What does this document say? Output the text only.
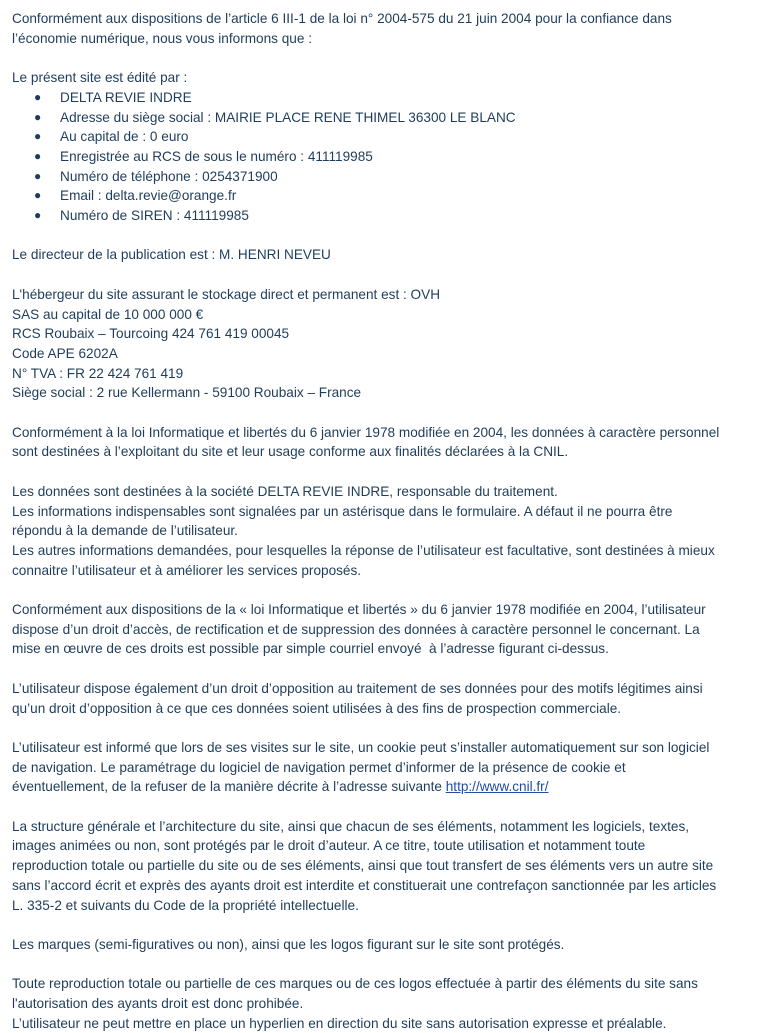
Conformément aux dispositions de l’article 6 III-1 de la loi n° 2004-575 du 21 juin 2004 pour la confiance dans
l’économie numérique, nous vous informons que :

Le présent site est édité par :

● DELTA REVIE INDRE
● Adresse du siège social : MAIRIE PLACE RENE THIMEL 36300 LE BLANC
● Au capital de : 0 euro
● Enregistrée au RCS de sous le numéro : 411119985
● Numéro de téléphone : 0254371900
● Email : delta.revie@orange.fr
● Numéro de SIREN : 411119985

Le directeur de la publication est : M. HENRI NEVEU

L'hébergeur du site assurant le stockage direct et permanent est : OVH
SAS au capital de 10 000 000 €
RCS Roubaix – Tourcoing 424 761 419 00045
Code APE 6202A
N° TVA : FR 22 424 761 419
Siège social : 2 rue Kellermann - 59100 Roubaix – France

Conformément à la loi Informatique et libertés du 6 janvier 1978 modifiée en 2004, les données à caractère personnel
sont destinées à l’exploitant du site et leur usage conforme aux finalités déclarées à la CNIL.

Les données sont destinées à la société DELTA REVIE INDRE, responsable du traitement.
Les informations indispensables sont signalées par un astérisque dans le formulaire. A défaut il ne pourra être
répondu à la demande de l’utilisateur.
Les autres informations demandées, pour lesquelles la réponse de l’utilisateur est facultative, sont destinées à mieux
connaitre l’utilisateur et à améliorer les services proposés.

Conformément aux dispositions de la « loi Informatique et libertés » du 6 janvier 1978 modifiée en 2004, l’utilisateur
dispose d’un droit d’accès, de rectification et de suppression des données à caractère personnel le concernant. La
mise en œuvre de ces droits est possible par simple courriel envoyé  à l’adresse figurant ci-dessus.

L’utilisateur dispose également d’un droit d’opposition au traitement de ses données pour des motifs légitimes ainsi
qu’un droit d’opposition à ce que ces données soient utilisées à des fins de prospection commerciale.

L’utilisateur est informé que lors de ses visites sur le site, un cookie peut s’installer automatiquement sur son logiciel
de navigation. Le paramétrage du logiciel de navigation permet d’informer de la présence de cookie et
éventuellement, de la refuser de la manière décrite à l’adresse suivante http://www.cnil.fr/

La structure générale et l’architecture du site, ainsi que chacun de ses éléments, notamment les logiciels, textes,
images animées ou non, sont protégés par le droit d’auteur. A ce titre, toute utilisation et notamment toute
reproduction totale ou partielle du site ou de ses éléments, ainsi que tout transfert de ses éléments vers un autre site
sans l’accord écrit et exprès des ayants droit est interdite et constituerait une contrefaçon sanctionnée par les articles
L. 335-2 et suivants du Code de la propriété intellectuelle.

Les marques (semi-figuratives ou non), ainsi que les logos figurant sur le site sont protégés.

Toute reproduction totale ou partielle de ces marques ou de ces logos effectuée à partir des éléments du site sans
l'autorisation des ayants droit est donc prohibée.
L’utilisateur ne peut mettre en place un hyperlien en direction du site sans autorisation expresse et préalable.
